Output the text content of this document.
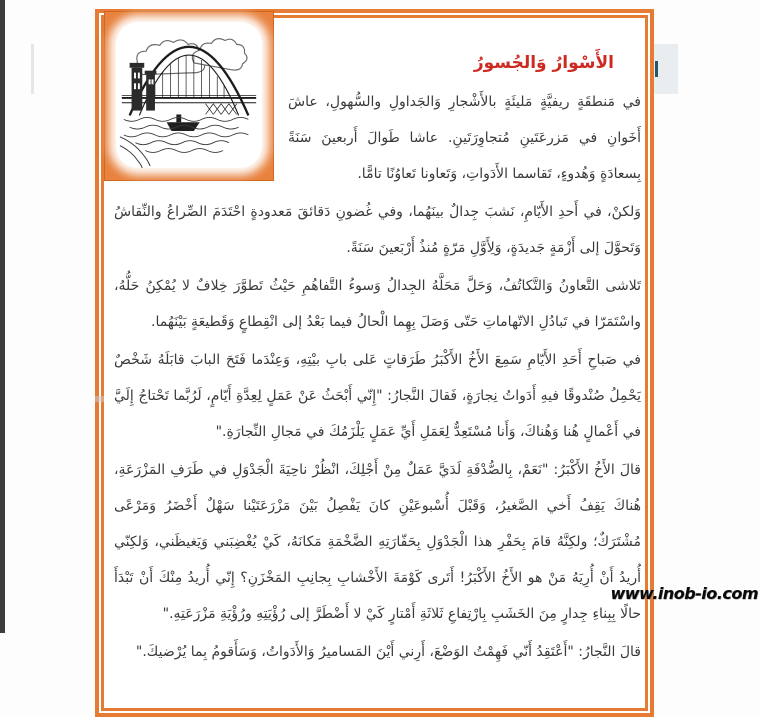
الأَسْوارُ وَالجُسورُ

في مَنطقَةٍ ريفيَّةٍ مَليئَةٍ بالأَشْجارِ وَالجَداولِ والسُّهولِ، عاشَ أَخَوانِ في مَزرعَتَينِ مُتجاوِرَتَينِ. عاشا طَوالَ أَربعينَ سَنَةً بِسعادَةٍ وَهُدوءٍ، تَقاسما الأَدَواتِ، وَتَعاونا تَعاوُنًا تامًّا.

وَلكنْ، في أَحدِ الأَيّامِ، نَشبَ جِدالٌ بينَهُما، وفي غُضونِ دَقائقَ مَعدودةٍ احْتَدَمَ الصِّراعُ والنِّقاشُ وَتَحوَّلَ إلى أَزْمَةٍ جَديدَةٍ، وَلِأَوَّلِ مَرّةٍ مُنذُ أَرْبَعينَ سَنَةً.

تَلاشى التَّعاونُ وَالتَّكاتُفُ، وَحَلَّ مَحَلَّهُ الجِدالُ وَسوءُ التَّفاهُمِ حَيْثُ تَطوَّرَ خِلافٌ لا يُمْكِنُ حَلُّهُ، واسْتَمَرّا في تَبادُلِ الاتّهاماتِ حَتّى وَصَلَ بِهِما الْحالُ فيما بَعْدُ إلى انْقِطاعٍ وَقَطيعَةٍ بَيْنَهُما.

في صَباحِ أَحَدِ الأَيّامِ سَمِعَ الأَخُ الأَكْبَرُ طَرَقاتٍ عَلى بابِ بيْتِهِ، وَعِنْدَما فَتَحَ البابَ قابَلَهُ شَخْصٌ يَحْمِلُ صُنْدوقًا فيهِ أَدَواتُ نِجارَةٍ، فَقالَ النَّجارُ: "إِنّي أَبْحَثُ عَنْ عَمَلٍ لِعِدَّةِ أَيّامٍ، لَرُبَّما تَحْتاجُ إِلَيَّ في أَعْمالٍ هُنا وَهُناكَ، وَأَنا مُسْتَعِدٌّ لِعَمَلِ أَيِّ عَمَلٍ يَلْزَمُكَ في مَجالِ النِّجارَةِ."

قالَ الأَخُ الأَكْبَرُ: "نَعَمْ، بِالصُّدْفَةِ لَدَيَّ عَمَلٌ مِنْ أَجْلِكَ، انْظُرْ ناحِيَةَ الْجَدْوَلِ في طَرَفِ المَزْرَعَةِ، هُناكَ يَقِفُ أَخي الصَّغيرُ، وَقَبْلَ أُسْبوعَيْنِ كانَ يَفْصِلُ بَيْنَ مَزْرَعَتَيْنا سَهْلٌ أَخْضَرُ وَمَرْعًى مُشْتَرَكٌ؛ ولكِنَّهُ قامَ بِحَفْرِ هذا الْجَدْوَلِ بِحَفّارَتِهِ الضَّخْمَةِ مَكانَهُ، كَيْ يُغْضِبَني وَيَغيظَني، وَلكِنّي أُريدُ أَنْ أُرِيَهُ مَنْ هو الأَخُ الأَكْبَرُ! أَتَرى كَوْمَةَ الأَخْشابِ بِجانِبِ المَخْزَنِ؟ إِنّي أُريدُ مِنْكَ أَنْ تَبْدَأَ حالًا بِبِناءِ جِدارٍ مِنَ الخَشَبِ بِارْتِفاعِ ثَلاثَةِ أَمْتارٍ كَيْ لا أَضْطَرَّ إلى رُؤْيَتِهِ ورُؤْيَةِ مَزْرَعَتِهِ."

قالَ النَّجارُ: "أَعْتَقِدُ أَنّي فَهِمْتُ الوَضْعَ، أَرِني أَيْنَ المَساميرُ وَالأَدَواتُ، وَسَأَقومُ بِما يُرْضيكَ."

www.inob-io.com
